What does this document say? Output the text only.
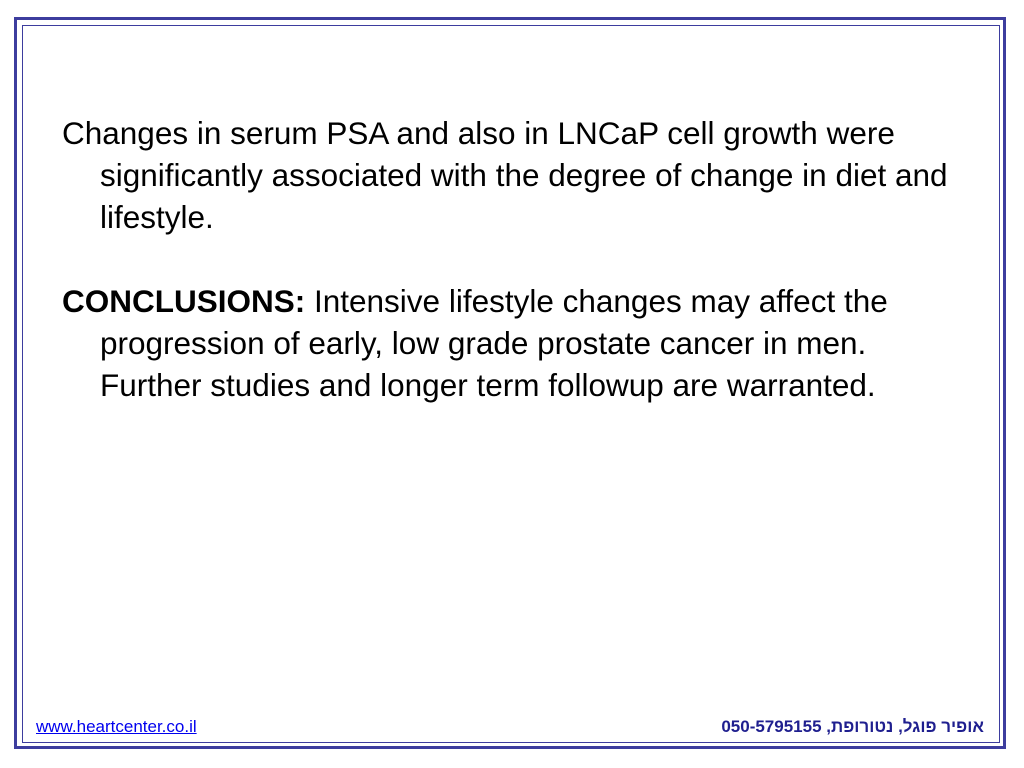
Changes in serum PSA and also in LNCaP cell growth were significantly associated with the degree of change in diet and lifestyle.

CONCLUSIONS: Intensive lifestyle changes may affect the progression of early, low grade prostate cancer in men. Further studies and longer term followup are warranted.

www.heartcenter.co.il	אופיר פוגל, נטורופת, 050-5795155
